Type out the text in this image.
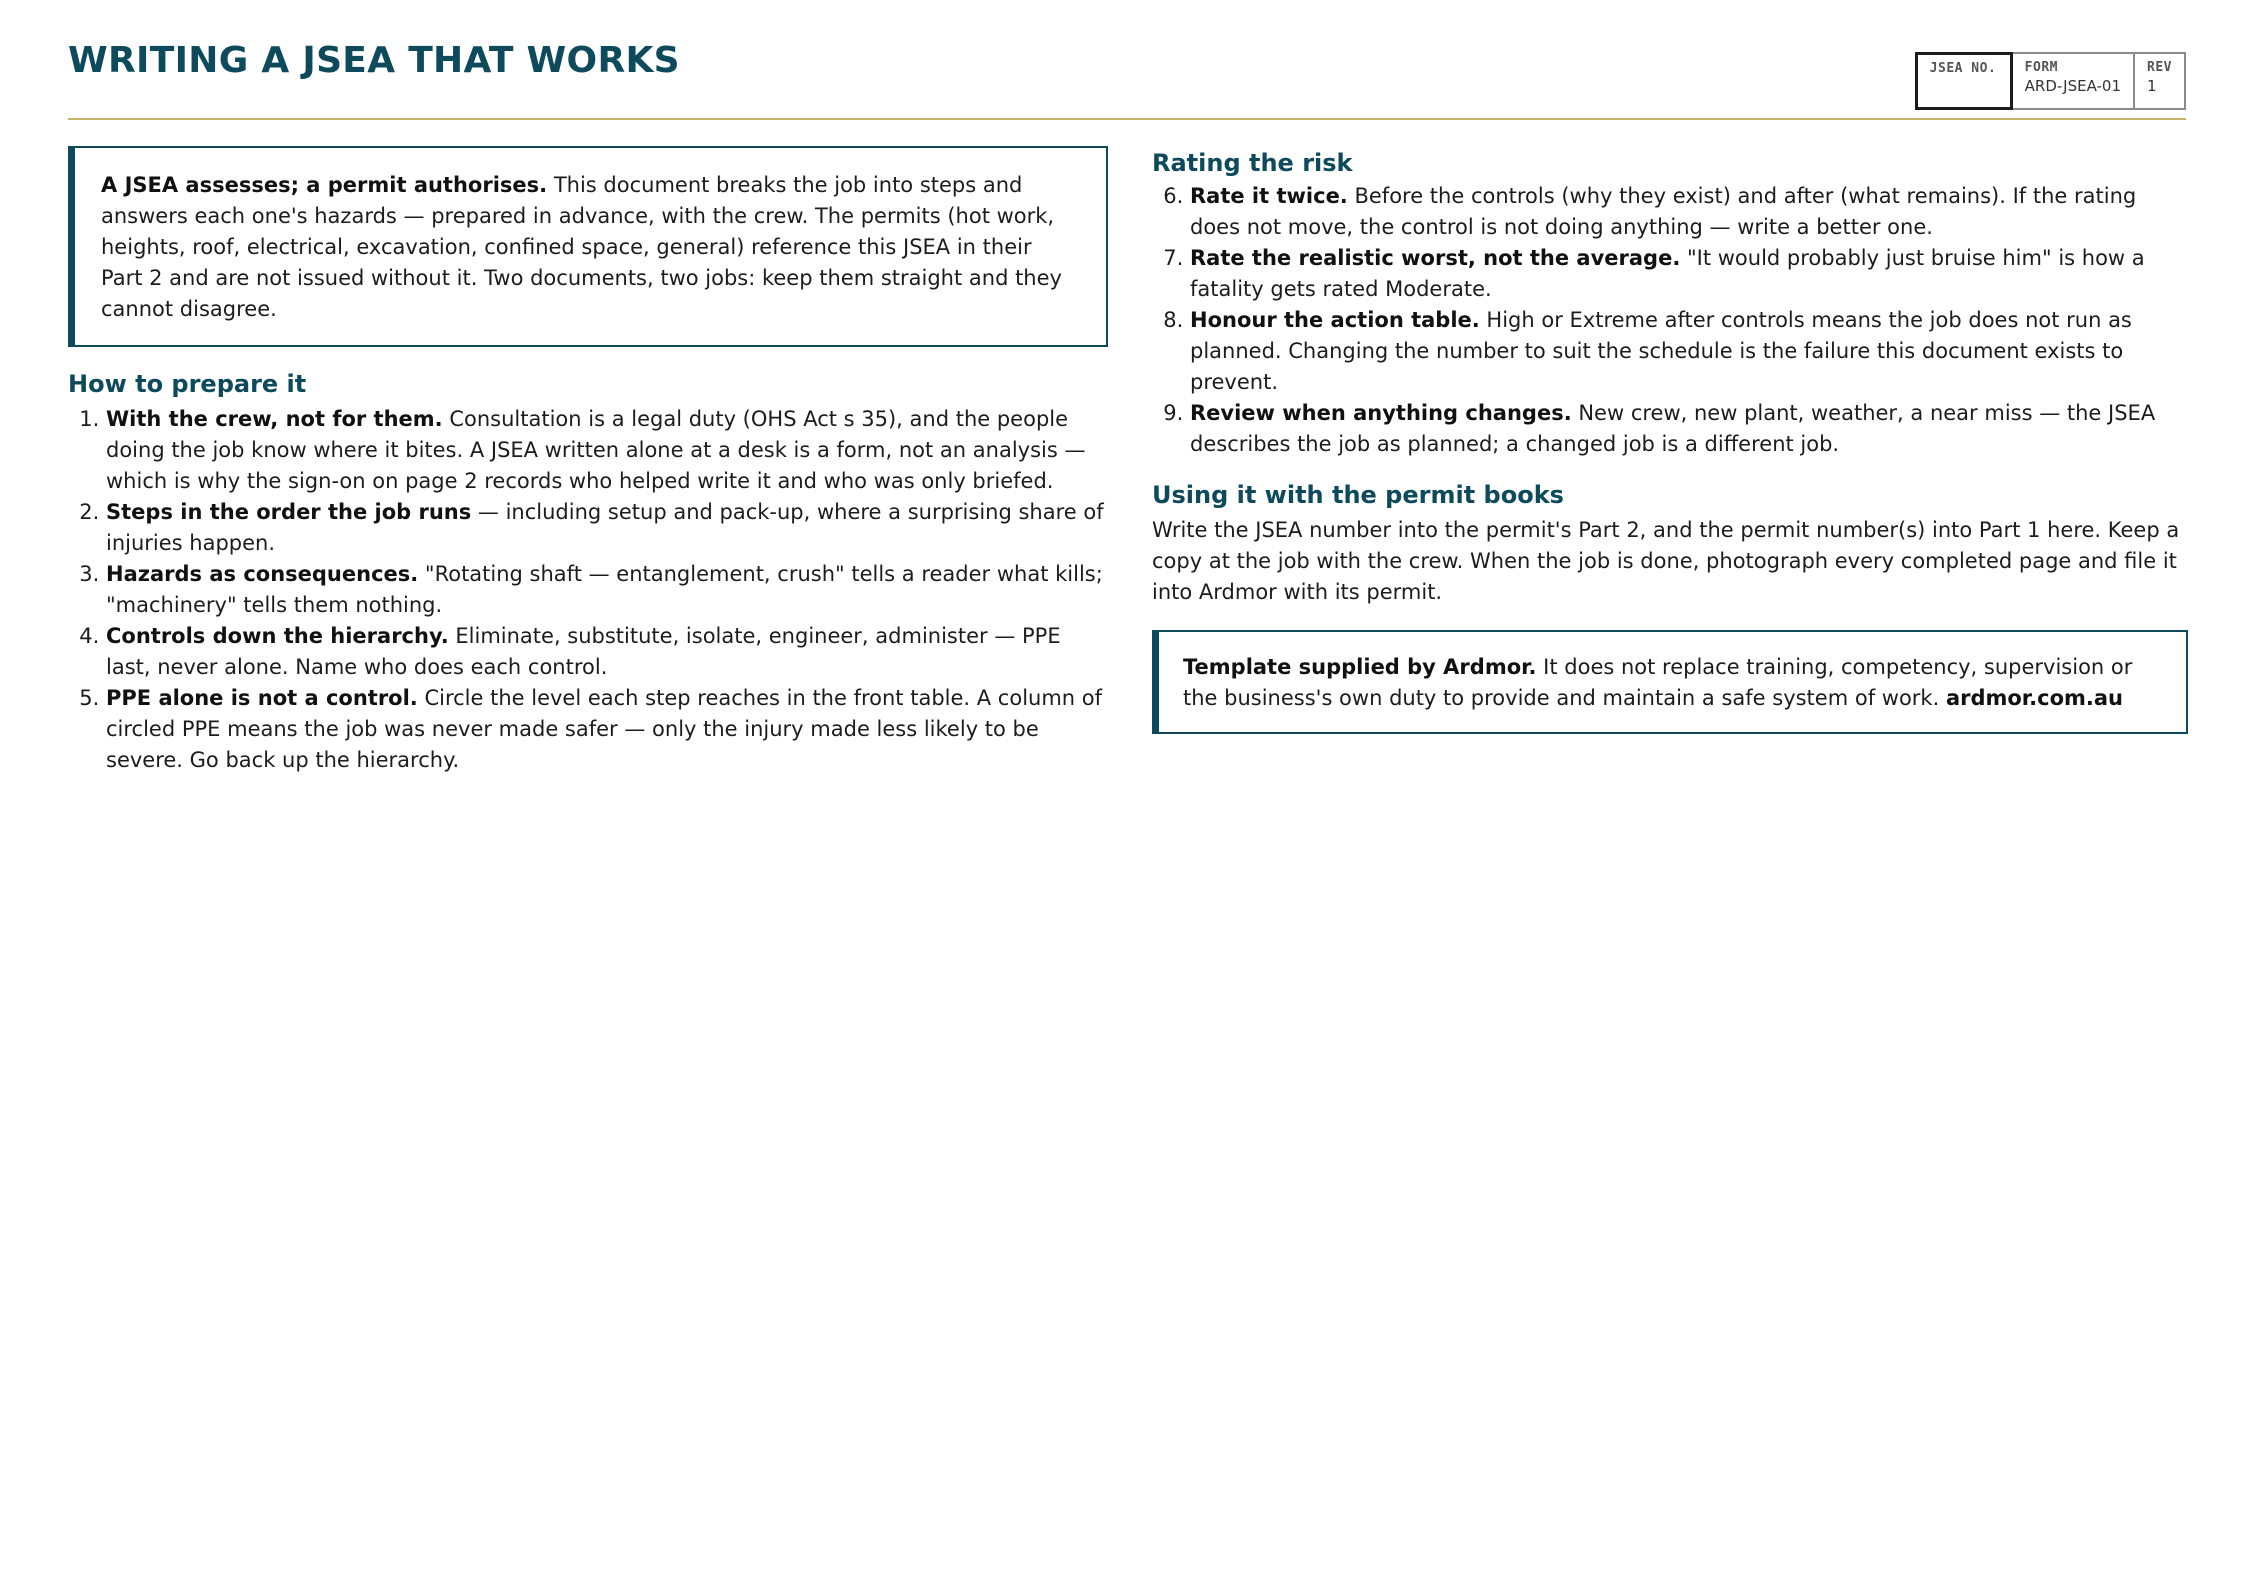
WRITING A JSEA THAT WORKS	JSEA NO. FORM
ARD-JSEA-01
REV
1

A JSEA assesses; a permit authorises. This document breaks the job into steps and answers each one's hazards — prepared in advance, with the crew. The permits (hot work, heights, roof, electrical, excavation, confined space, general) reference this JSEA in their Part 2 and are not issued without it. Two documents, two jobs: keep them straight and they cannot disagree.

How to prepare it
1. With the crew, not for them. Consultation is a legal duty (OHS Act s 35), and the people doing the job know where it bites. A JSEA written alone at a desk is a form, not an analysis — which is why the sign-on on page 2 records who helped write it and who was only briefed.
2. Steps in the order the job runs — including setup and pack-up, where a surprising share of injuries happen.
3. Hazards as consequences. "Rotating shaft — entanglement, crush" tells a reader what kills; "machinery" tells them nothing.
4. Controls down the hierarchy. Eliminate, substitute, isolate, engineer, administer — PPE last, never alone. Name who does each control.
5. PPE alone is not a control. Circle the level each step reaches in the front table. A column of circled PPE means the job was never made safer — only the injury made less likely to be severe. Go back up the hierarchy.
Rating the risk
6. Rate it twice. Before the controls (why they exist) and after (what remains). If the rating does not move, the control is not doing anything — write a better one.
7. Rate the realistic worst, not the average. "It would probably just bruise him" is how a fatality gets rated Moderate.
8. Honour the action table. High or Extreme after controls means the job does not run as planned. Changing the number to suit the schedule is the failure this document exists to prevent.
9. Review when anything changes. New crew, new plant, weather, a near miss — the JSEA describes the job as planned; a changed job is a different job.
Using it with the permit books

Write the JSEA number into the permit's Part 2, and the permit number(s) into Part 1 here. Keep a copy at the job with the crew. When the job is done, photograph every completed page and file it into Ardmor with its permit.

Template supplied by Ardmor. It does not replace training, competency, supervision or the business's own duty to provide and maintain a safe system of work. ardmor.com.au
